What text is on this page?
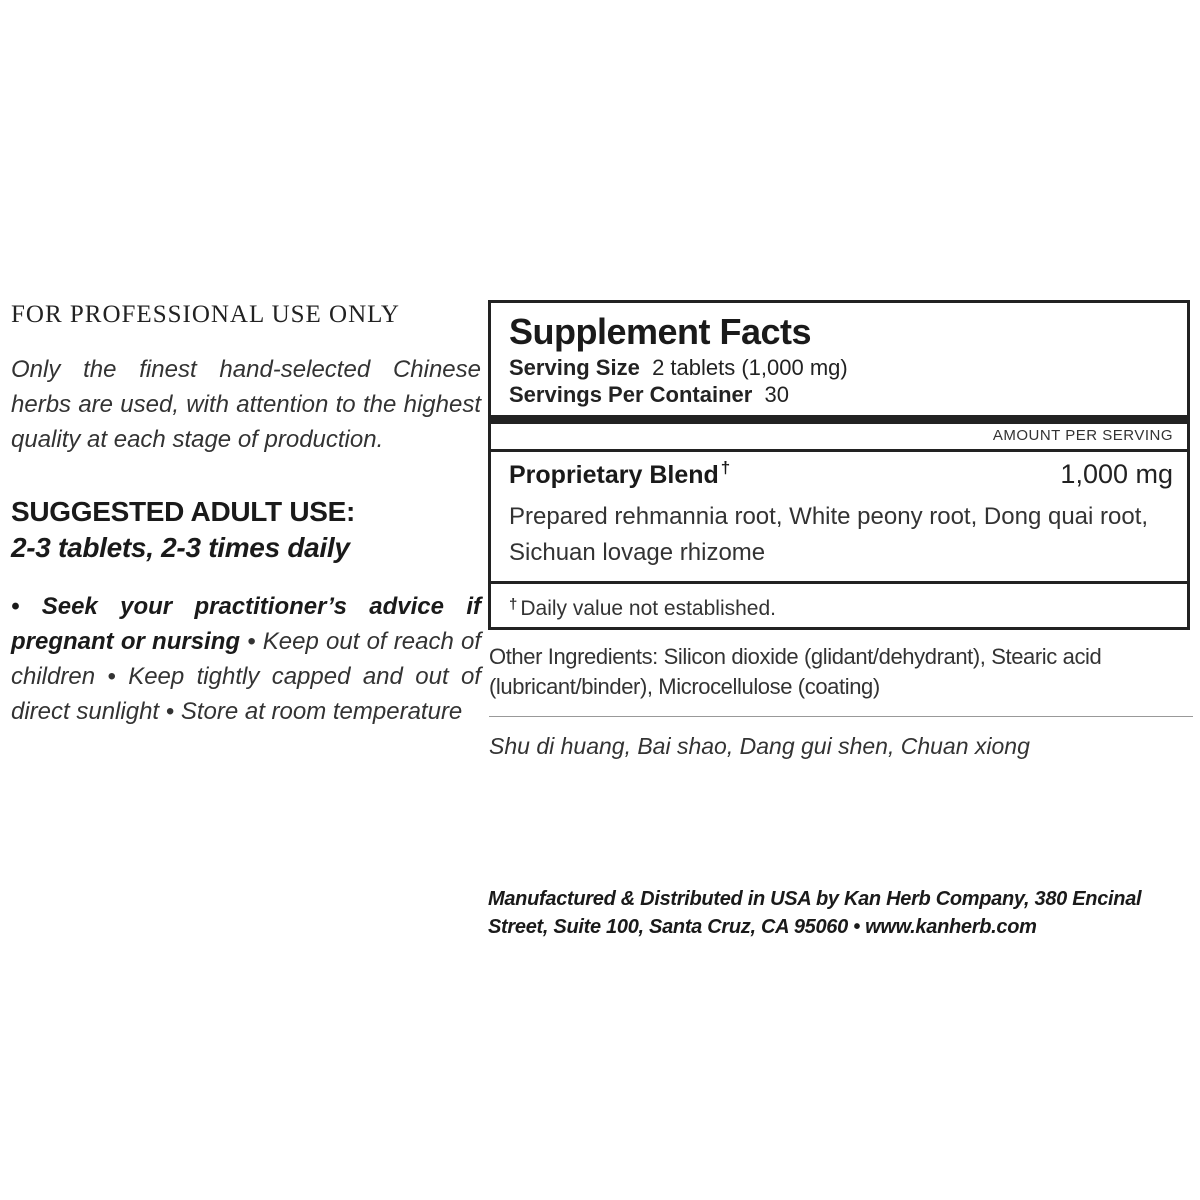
FOR PROFESSIONAL USE ONLY
Only the finest hand-selected Chinese herbs are used, with attention to the highest quality at each stage of production.
SUGGESTED ADULT USE:
2-3 tablets, 2-3 times daily
• Seek your practitioner’s advice if pregnant or nursing • Keep out of reach of children • Keep tightly capped and out of direct sunlight • Store at room temperature
Supplement Facts
Serving Size 2 tablets (1,000 mg)
Servings Per Container 30
AMOUNT PER SERVING
Proprietary Blend †	1,000 mg
Prepared rehmannia root, White peony root, Dong quai root, Sichuan lovage rhizome
† Daily value not established.
Other Ingredients: Silicon dioxide (glidant/dehydrant), Stearic acid (lubricant/binder), Microcellulose (coating)
Shu di huang, Bai shao, Dang gui shen, Chuan xiong
Manufactured & Distributed in USA by Kan Herb Company, 380 Encinal Street, Suite 100, Santa Cruz, CA 95060 • www.kanherb.com
